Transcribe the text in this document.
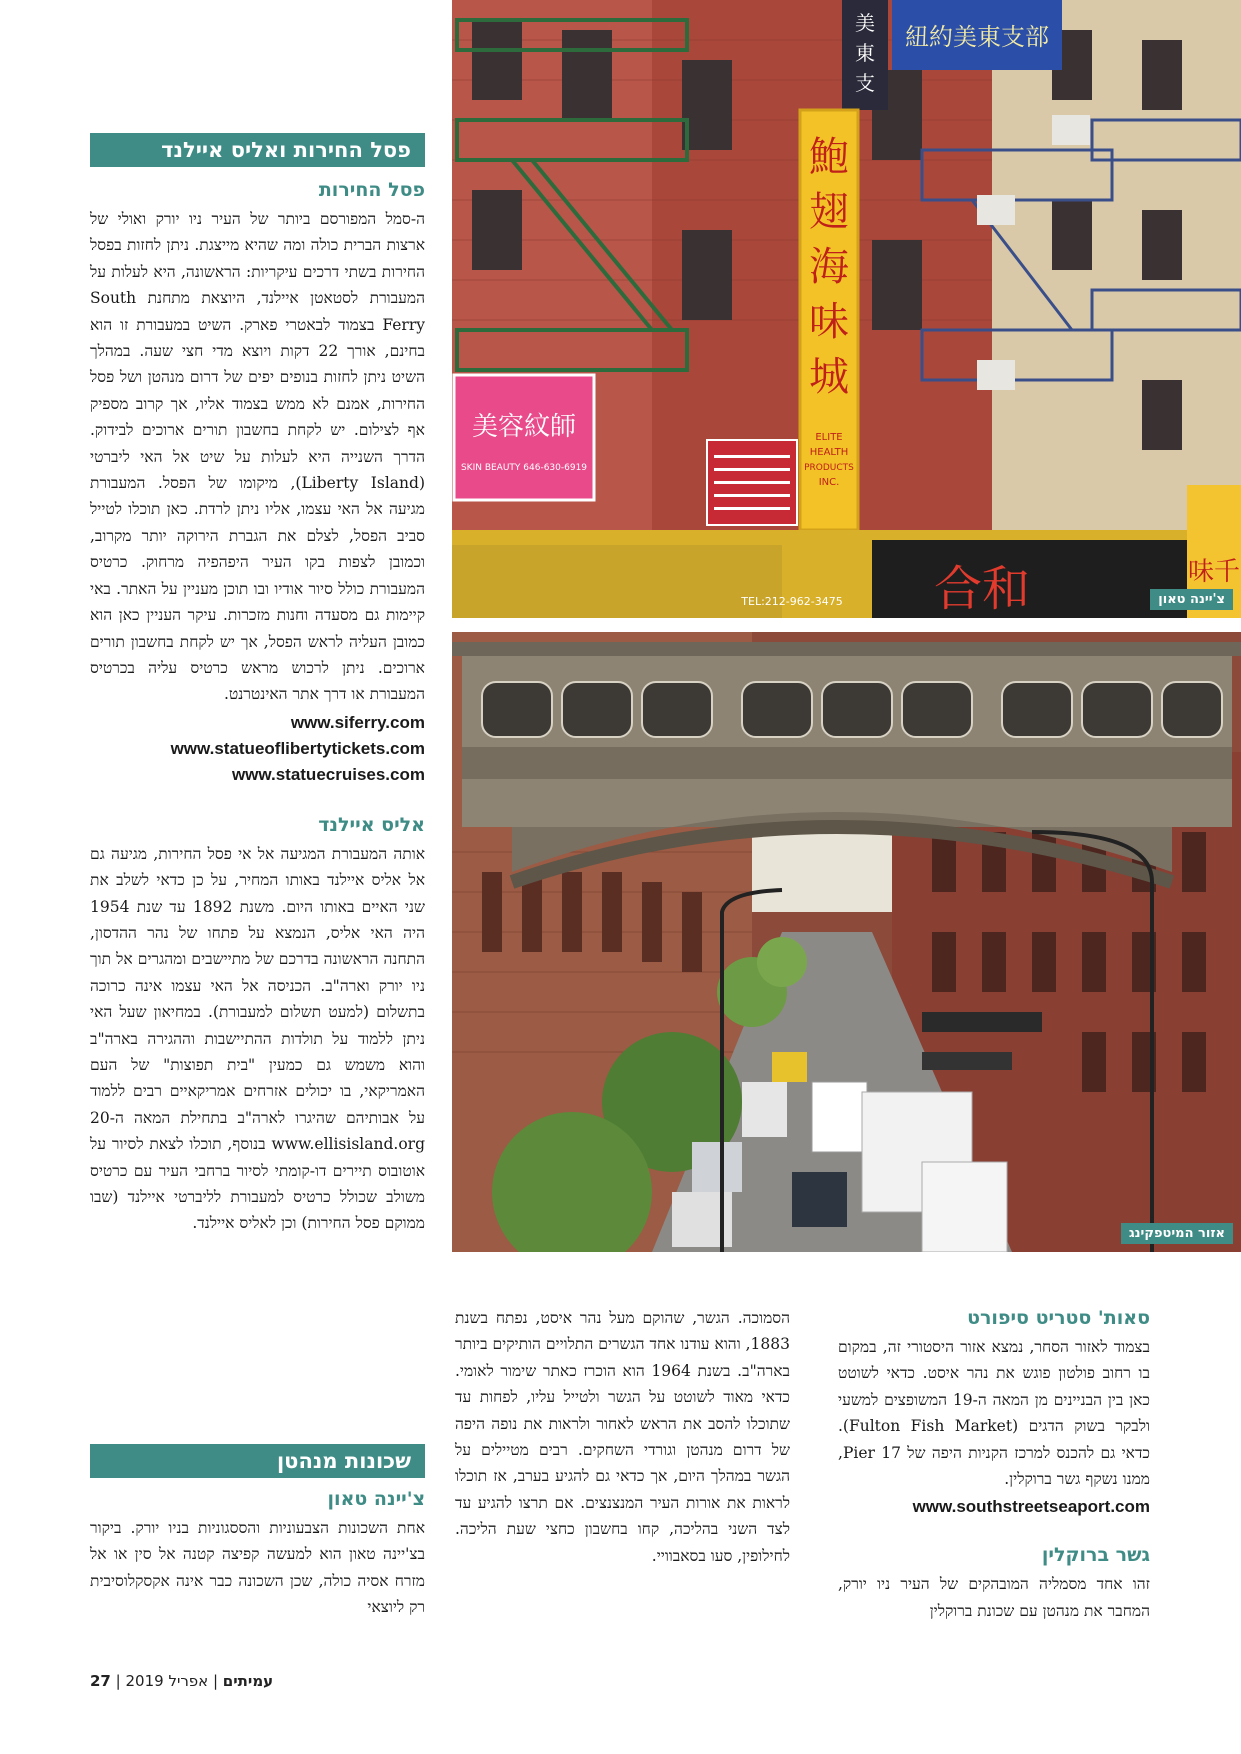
美
東
支
紐約美東支部
鮑
翅
海
味
城
ELITE
HEALTH
PRODUCTS
INC.
美容紋師
SKIN BEAUTY 646-630-6919
合和
TEL:212-962-3475
味千
צ'יינה טאון
אזור המיטפקינג
פסל החירות ואליס איילנד
פסל החירות

ה-סמל המפורסם ביותר של העיר ניו יורק ואולי של ארצות הברית כולה ומה שהיא מייצגת. ניתן לחזות בפסל החירות בשתי דרכים עיקריות: הראשונה, היא לעלות על המעבורת לסטאטן איילנד, היוצאת מתחנת South Ferry בצמוד לבאטרי פארק. השיט במעבורת זו הוא בחינם, אורך 22 דקות ויוצא מדי חצי שעה. במהלך השיט ניתן לחזות בנופים יפים של דרום מנהטן ושל פסל החירות, אמנם לא ממש בצמוד אליו, אך קרוב מספיק אף לצילום. יש לקחת בחשבון תורים ארוכים לבידוק. הדרך השנייה היא לעלות על שיט אל האי ליברטי (Liberty Island), מיקומו של הפסל. המעבורת מגיעה אל האי עצמו, אליו ניתן לרדת. כאן תוכלו לטייל סביב הפסל, לצלם את הגברת הירוקה יותר מקרוב, וכמובן לצפות בקו העיר היפהפיה מרחוק. כרטיס המעבורת כולל סיור אודיו ובו תוכן מעניין על האתר. באי קיימות גם מסעדה וחנות מזכרות. עיקר העניין כאן הוא כמובן העליה לראש הפסל, אך יש לקחת בחשבון תורים ארוכים. ניתן לרכוש מראש כרטיס עליה בכרטיס המעבורת או דרך אתר האינטרנט.

www.siferry.com
www.statueoflibertytickets.com
www.statuecruises.com
אליס איילנד

אותה המעבורת המגיעה אל אי פסל החירות, מגיעה גם אל אליס איילנד באותו המחיר, על כן כדאי לשלב את שני האיים באותו היום. משנת 1892 עד שנת 1954 היה האי אליס, הנמצא על פתחו של נהר ההדסון, התחנה הראשונה בדרכם של מתיישבים ומהגרים אל תוך ניו יורק וארה"ב. הכניסה אל האי עצמו אינה כרוכה בתשלום (למעט תשלום למעבורת). במחיאון שעל האי ניתן ללמוד על תולדות ההתיישבות וההגירה בארה"ב והוא משמש גם כמעין "בית תפוצות" של העם האמריקאי, בו יכולים אזרחים אמריקאיים רבים ללמוד על אבותיהם שהיגרו לארה"ב בתחילת המאה ה-20 www.ellisisland.org בנוסף, תוכלו לצאת לסיור על אוטובוס תיירים דו-קומתי לסיור ברחבי העיר עם כרטיס משולב שכולל כרטיס למעבורת לליברטי איילנד (שבו ממוקם פסל החירות) וכן לאליס איילנד.

שכונות מנהטן
צ'יינה טאון

אחת השכונות הצבעוניות והססגוניות בניו יורק. ביקור בצ'יינה טאון הוא למעשה קפיצה קטנה אל סין או אל מזרח אסיה כולה, שכן השכונה כבר אינה אקסקלוסיבית רק ליוצאי

הסמוכה. הגשר, שהוקם מעל נהר איסט, נפתח בשנת 1883, והוא עודנו אחד הגשרים התלויים הותיקים ביותר בארה"ב. בשנת 1964 הוא הוכרז כאתר שימור לאומי. כדאי מאוד לשוטט על הגשר ולטייל עליו, לפחות עד שתוכלו להסב את הראש לאחור ולראות את נופה היפה של דרום מנהטן וגורדי השחקים. רבים מטיילים על הגשר במהלך היום, אך כדאי גם להגיע בערב, אז תוכלו לראות את אורות העיר המנצנצים. אם תרצו להגיע עד לצד השני בהליכה, קחו בחשבון כחצי שעת הליכה. לחילופין, סעו בסאבוויי.

סאות' סטריט סיפורט

בצמוד לאזור הסחר, נמצא אזור היסטורי זה, במקום בו רחוב פולטון פוגש את נהר איסט. כדאי לשוטט כאן בין הבניינים מן המאה ה-19 המשופצים למשעי ולבקר בשוק הדגים (Fulton Fish Market). כדאי גם להכנס למרכז הקניות היפה של Pier 17, ממנו נשקף גשר ברוקלין.

www.southstreetseaport.com
גשר ברוקלין

זהו אחד מסמליה המובהקים של העיר ניו יורק, המחבר את מנהטן עם שכונת ברוקלין

עמיתים | אפריל 2019 | 27
